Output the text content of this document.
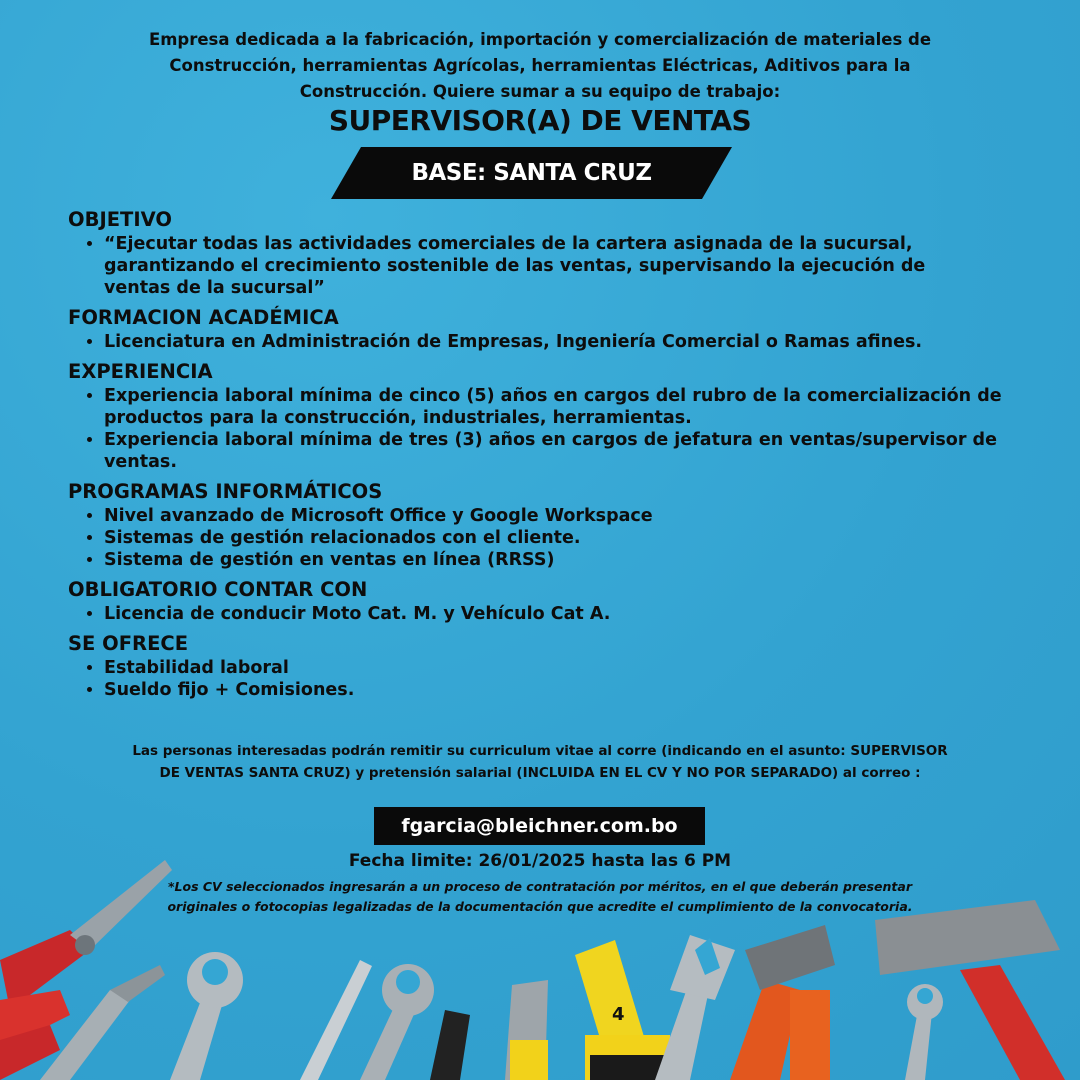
Empresa dedicada a la fabricación, importación y comercialización de materiales de Construcción, herramientas Agrícolas, herramientas Eléctricas, Aditivos para la Construcción. Quiere sumar a su equipo de trabajo:
SUPERVISOR(A) DE VENTAS
BASE: SANTA CRUZ
OBJETIVO
• “Ejecutar todas las actividades comerciales de la cartera asignada de la sucursal, garantizando el crecimiento sostenible de las ventas, supervisando la ejecución de ventas de la sucursal”
FORMACION ACADÉMICA
• Licenciatura en Administración de Empresas, Ingeniería Comercial o Ramas afines.
EXPERIENCIA
• Experiencia laboral mínima de cinco (5) años en cargos del rubro de la comercialización de productos para la construcción, industriales, herramientas.
• Experiencia laboral mínima de tres (3) años en cargos de jefatura en ventas/supervisor de ventas.
PROGRAMAS INFORMÁTICOS
• Nivel avanzado de Microsoft Office y Google Workspace
• Sistemas de gestión relacionados con el cliente.
• Sistema de gestión en ventas en línea (RRSS)
OBLIGATORIO CONTAR CON
• Licencia de conducir Moto Cat. M. y Vehículo Cat A.
SE OFRECE
• Estabilidad laboral
• Sueldo fijo + Comisiones.
Las personas interesadas podrán remitir su curriculum vitae al corre (indicando en el asunto: SUPERVISOR DE VENTAS SANTA CRUZ) y pretensión salarial (INCLUIDA EN EL CV Y NO POR SEPARADO) al correo :
fgarcia@bleichner.com.bo
Fecha limite: 26/01/2025 hasta las 6 PM
4
*Los CV seleccionados ingresarán a un proceso de contratación por méritos, en el que deberán presentar originales o fotocopias legalizadas de la documentación que acredite el cumplimiento de la convocatoria.
